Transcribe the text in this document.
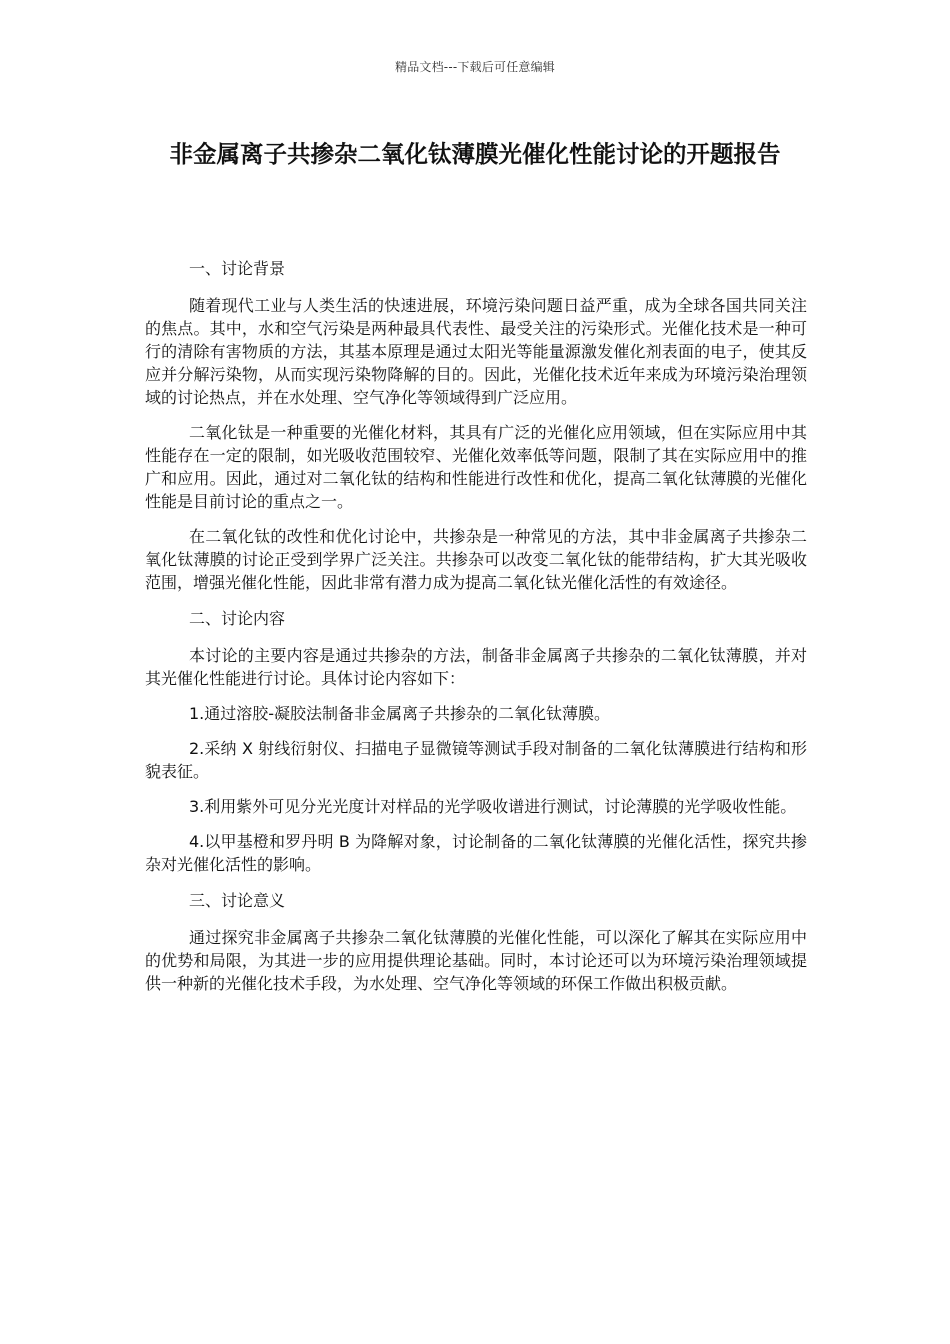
精品文档---下载后可任意编辑
非金属离子共掺杂二氧化钛薄膜光催化性能讨论的开题报告

一、讨论背景

随着现代工业与人类生活的快速进展，环境污染问题日益严重，成为全球各国共同关注的焦点。其中，水和空气污染是两种最具代表性、最受关注的污染形式。光催化技术是一种可行的清除有害物质的方法，其基本原理是通过太阳光等能量源激发催化剂表面的电子，使其反应并分解污染物，从而实现污染物降解的目的。因此，光催化技术近年来成为环境污染治理领域的讨论热点，并在水处理、空气净化等领域得到广泛应用。

二氧化钛是一种重要的光催化材料，其具有广泛的光催化应用领域，但在实际应用中其性能存在一定的限制，如光吸收范围较窄、光催化效率低等问题，限制了其在实际应用中的推广和应用。因此，通过对二氧化钛的结构和性能进行改性和优化，提高二氧化钛薄膜的光催化性能是目前讨论的重点之一。

在二氧化钛的改性和优化讨论中，共掺杂是一种常见的方法，其中非金属离子共掺杂二氧化钛薄膜的讨论正受到学界广泛关注。共掺杂可以改变二氧化钛的能带结构，扩大其光吸收范围，增强光催化性能，因此非常有潜力成为提高二氧化钛光催化活性的有效途径。

二、讨论内容

本讨论的主要内容是通过共掺杂的方法，制备非金属离子共掺杂的二氧化钛薄膜，并对其光催化性能进行讨论。具体讨论内容如下：

1.通过溶胶-凝胶法制备非金属离子共掺杂的二氧化钛薄膜。

2.采纳 X 射线衍射仪、扫描电子显微镜等测试手段对制备的二氧化钛薄膜进行结构和形貌表征。

3.利用紫外可见分光光度计对样品的光学吸收谱进行测试，讨论薄膜的光学吸收性能。

4.以甲基橙和罗丹明 B 为降解对象，讨论制备的二氧化钛薄膜的光催化活性，探究共掺杂对光催化活性的影响。

三、讨论意义

通过探究非金属离子共掺杂二氧化钛薄膜的光催化性能，可以深化了解其在实际应用中的优势和局限，为其进一步的应用提供理论基础。同时，本讨论还可以为环境污染治理领域提供一种新的光催化技术手段，为水处理、空气净化等领域的环保工作做出积极贡献。
